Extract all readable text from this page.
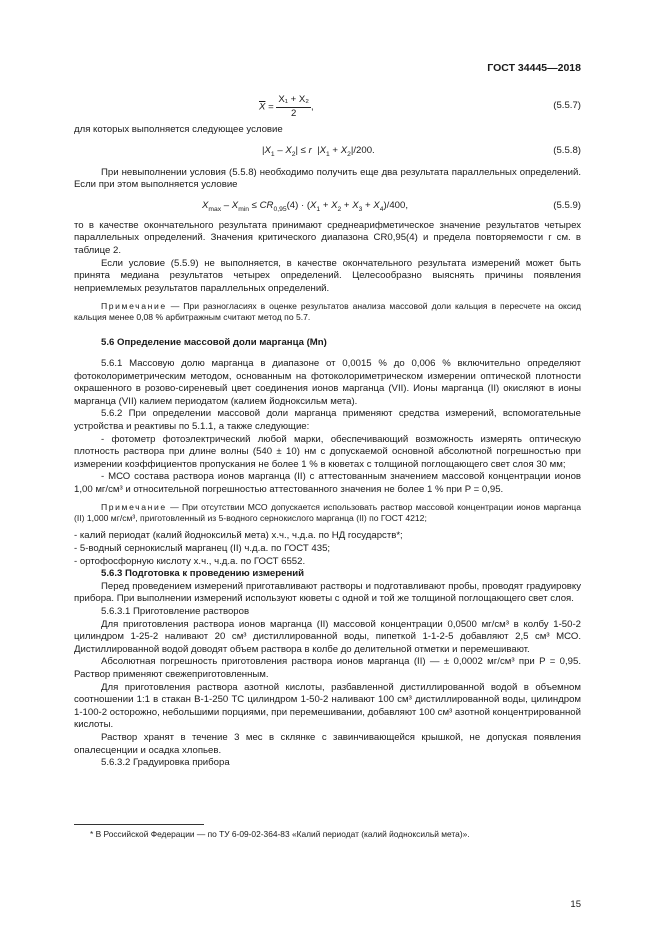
ГОСТ 34445—2018
$\overline{X} = \frac{\text{X₁ + X₂}}{2}$ ,	(5.5.7)

для которых выполняется следующее условие

$|X_1 - X_2| \le r$  $|X_1 + X_2|/200$.	(5.5.8)

При невыполнении условия (5.5.8) необходимо получить еще два результата параллельных определений. Если при этом выполняется условие

$X_{max} - X_{min} \le CR_{0,95}(4) \cdot (X_1 + X_2 + X_3 + X_4)/400$,	(5.5.9)

то в качестве окончательного результата принимают среднеарифметическое значение результатов четырех параллельных определений. Значения критического диапазона CR0,95(4) и предела повторяемости r см. в таблице 2.

Если условие (5.5.9) не выполняется, в качестве окончательного результата измерений может быть принята медиана результатов четырех определений. Целесообразно выяснять причины появления неприемлемых результатов параллельных определений.

Примечание — При разногласиях в оценке результатов анализа массовой доли кальция в пересчете на оксид кальция менее 0,08 % арбитражным считают метод по 5.7.

5.6 Определение массовой доли марганца (Mn)

5.6.1 Массовую долю марганца в диапазоне от 0,0015 % до 0,006 % включительно определяют фотоколориметрическим методом, основанным на фотоколориметрическом измерении оптической плотности окрашенного в розово-сиреневый цвет соединения ионов марганца (VII). Ионы марганца (II) окисляют в ионы марганца (VII) калием периодатом (калием йодноксильм мета).

5.6.2 При определении массовой доли марганца применяют средства измерений, вспомогательные устройства и реактивы по 5.1.1, а также следующие:

- фотометр фотоэлектрический любой марки, обеспечивающий возможность измерять оптическую плотность раствора при длине волны (540 ± 10) нм с допускаемой основной абсолютной погрешностью при измерении коэффициентов пропускания не более 1 % в кюветах с толщиной поглощающего свет слоя 30 мм;

- МСО состава раствора ионов марганца (II) с аттестованным значением массовой концентрации ионов 1,00 мг/см³ и относительной погрешностью аттестованного значения не более 1 % при P = 0,95.

Примечание — При отсутствии МСО допускается использовать раствор массовой концентрации ионов марганца (II) 1,000 мг/см³, приготовленный из 5-водного сернокислого марганца (II) по ГОСТ 4212;

- калий периодат (калий йодноксильй мета) х.ч., ч.д.а. по НД государств*;

- 5-водный сернокислый марганец (II) ч.д.а. по ГОСТ 435;

- ортофосфорную кислоту х.ч., ч.д.а. по ГОСТ 6552.

5.6.3 Подготовка к проведению измерений

Перед проведением измерений приготавливают растворы и подготавливают пробы, проводят градуировку прибора. При выполнении измерений используют кюветы с одной и той же толщиной поглощающего свет слоя.

5.6.3.1 Приготовление растворов

Для приготовления раствора ионов марганца (II) массовой концентрации 0,0500 мг/см³ в колбу 1-50-2 цилиндром 1-25-2 наливают 20 см³ дистиллированной воды, пипеткой 1-1-2-5 добавляют 2,5 см³ МСО. Дистиллированной водой доводят объем раствора в колбе до делительной отметки и перемешивают.

Абсолютная погрешность приготовления раствора ионов марганца (II) — ± 0,0002 мг/см³ при P = 0,95. Раствор применяют свежеприготовленным.

Для приготовления раствора азотной кислоты, разбавленной дистиллированной водой в объемном соотношении 1:1 в стакан В-1-250 ТС цилиндром 1-50-2 наливают 100 см³ дистиллированной воды, цилиндром 1-100-2 осторожно, небольшими порциями, при перемешивании, добавляют 100 см³ азотной концентрированной кислоты.

Раствор хранят в течение 3 мес в склянке с завинчивающейся крышкой, не допуская появления опалесценции и осадка хлопьев.

5.6.3.2 Градуировка прибора

* В Российской Федерации — по ТУ 6-09-02-364-83 «Калий периодат (калий йодноксильй мета)».
15
